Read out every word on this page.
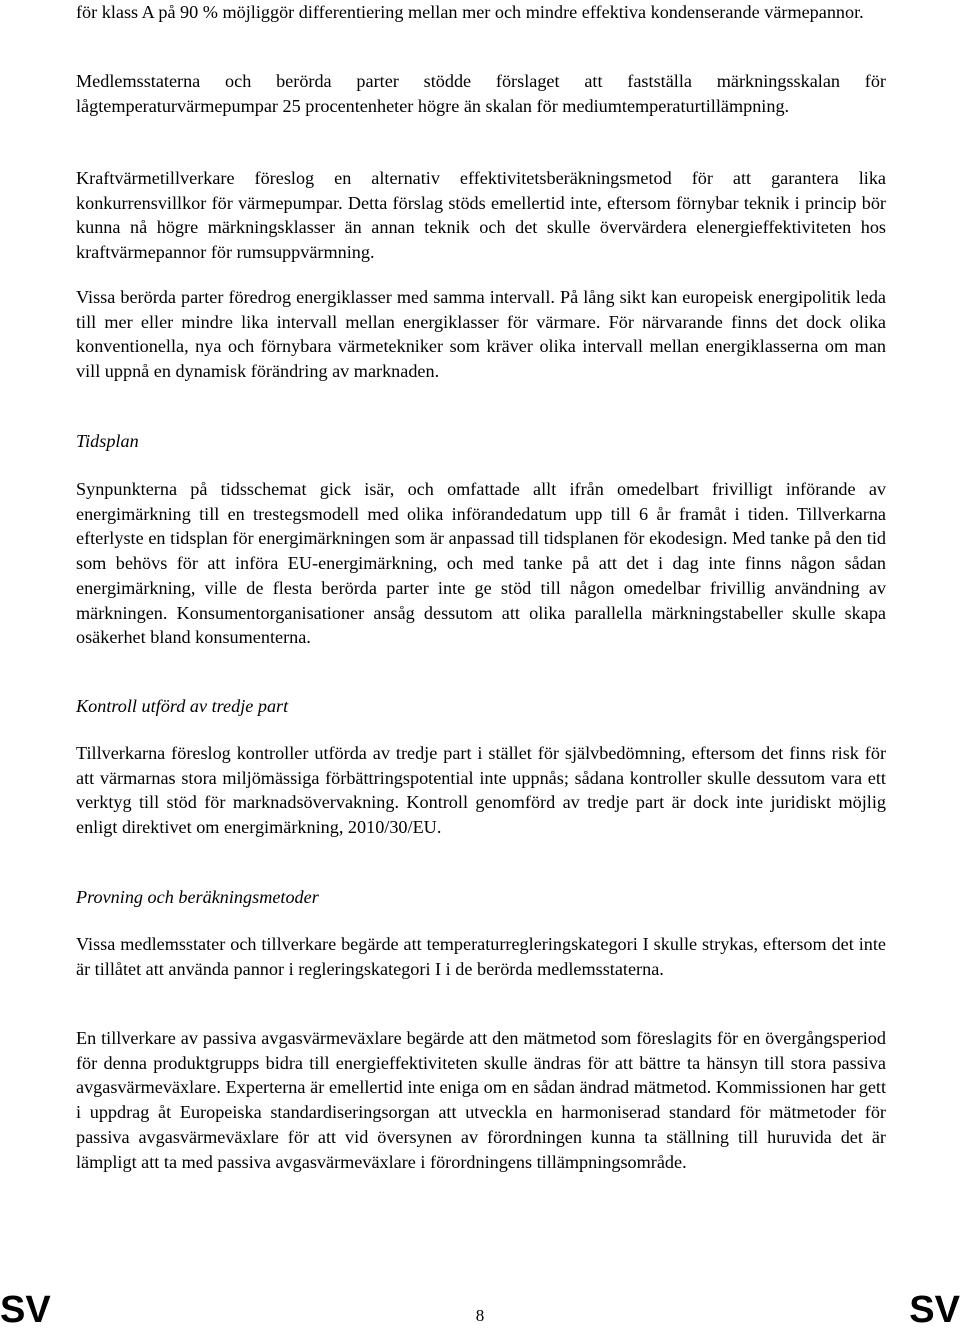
för klass A på 90 % möjliggör differentiering mellan mer och mindre effektiva kondenserande värmepannor.

Medlemsstaterna och berörda parter stödde förslaget att fastställa märkningsskalan för lågtemperaturvärmepumpar 25 procentenheter högre än skalan för mediumtemperaturtillämpning.

Kraftvärmetillverkare föreslog en alternativ effektivitetsberäkningsmetod för att garantera lika konkurrensvillkor för värmepumpar. Detta förslag stöds emellertid inte, eftersom förnybar teknik i princip bör kunna nå högre märkningsklasser än annan teknik och det skulle övervärdera elenergieffektiviteten hos kraftvärmepannor för rumsuppvärmning.

Vissa berörda parter föredrog energiklasser med samma intervall. På lång sikt kan europeisk energipolitik leda till mer eller mindre lika intervall mellan energiklasser för värmare. För närvarande finns det dock olika konventionella, nya och förnybara värmetekniker som kräver olika intervall mellan energiklasserna om man vill uppnå en dynamisk förändring av marknaden.

Tidsplan

Synpunkterna på tidsschemat gick isär, och omfattade allt ifrån omedelbart frivilligt införande av energimärkning till en trestegsmodell med olika införandedatum upp till 6 år framåt i tiden. Tillverkarna efterlyste en tidsplan för energimärkningen som är anpassad till tidsplanen för ekodesign. Med tanke på den tid som behövs för att införa EU-energimärkning, och med tanke på att det i dag inte finns någon sådan energimärkning, ville de flesta berörda parter inte ge stöd till någon omedelbar frivillig användning av märkningen. Konsumentorganisationer ansåg dessutom att olika parallella märkningstabeller skulle skapa osäkerhet bland konsumenterna.

Kontroll utförd av tredje part

Tillverkarna föreslog kontroller utförda av tredje part i stället för självbedömning, eftersom det finns risk för att värmarnas stora miljömässiga förbättringspotential inte uppnås; sådana kontroller skulle dessutom vara ett verktyg till stöd för marknadsövervakning. Kontroll genomförd av tredje part är dock inte juridiskt möjlig enligt direktivet om energimärkning, 2010/30/EU.

Provning och beräkningsmetoder

Vissa medlemsstater och tillverkare begärde att temperaturregleringskategori I skulle strykas, eftersom det inte är tillåtet att använda pannor i regleringskategori I i de berörda medlemsstaterna.

En tillverkare av passiva avgasvärmeväxlare begärde att den mätmetod som föreslagits för en övergångsperiod för denna produktgrupps bidra till energieffektiviteten skulle ändras för att bättre ta hänsyn till stora passiva avgasvärmeväxlare. Experterna är emellertid inte eniga om en sådan ändrad mätmetod. Kommissionen har gett i uppdrag åt Europeiska standardiseringsorgan att utveckla en harmoniserad standard för mätmetoder för passiva avgasvärmeväxlare för att vid översynen av förordningen kunna ta ställning till huruvida det är lämpligt att ta med passiva avgasvärmeväxlare i förordningens tillämpningsområde.

SV	8	SV
